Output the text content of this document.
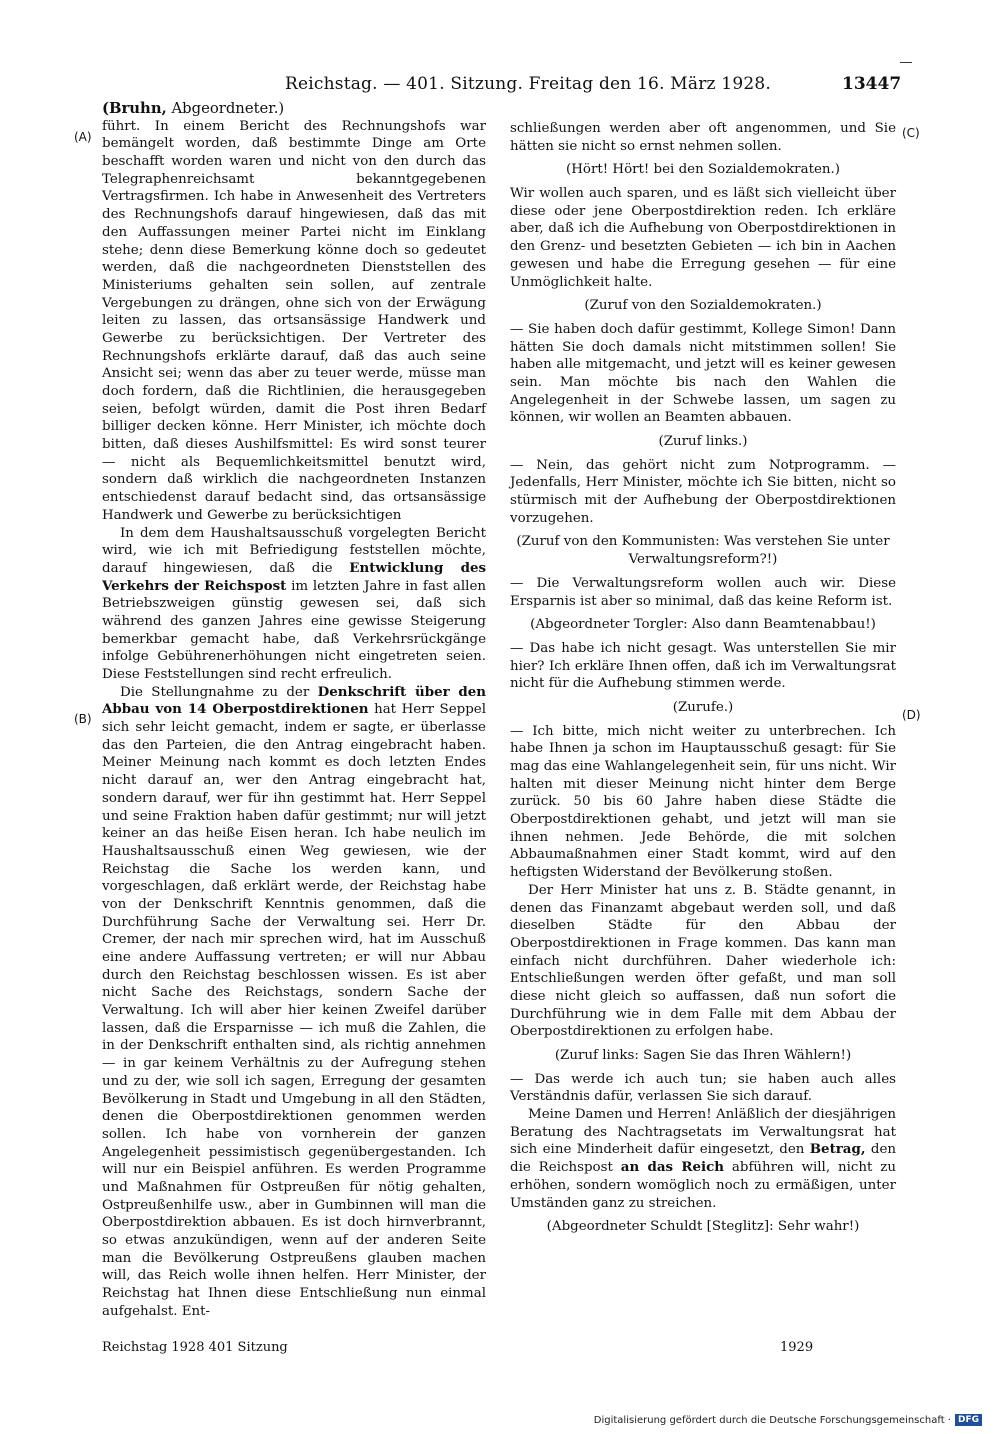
Reichstag. — 401. Sitzung. Freitag den 16. März 1928.	13447
(A)
(B)
(C)
(D)

(Bruhn, Abgeordneter.)

führt. In einem Bericht des Rechnungshofs war bemängelt worden, daß bestimmte Dinge am Orte beschafft worden waren und nicht von den durch das Telegraphenreichsamt bekanntgegebenen Vertragsfirmen. Ich habe in Anwesenheit des Vertreters des Rechnungshofs darauf hingewiesen, daß das mit den Auffassungen meiner Partei nicht im Einklang stehe; denn diese Bemerkung könne doch so gedeutet werden, daß die nachgeordneten Dienststellen des Ministeriums gehalten sein sollen, auf zentrale Vergebungen zu drängen, ohne sich von der Erwägung leiten zu lassen, das ortsansässige Handwerk und Gewerbe zu berücksichtigen. Der Vertreter des Rechnungshofs erklärte darauf, daß das auch seine Ansicht sei; wenn das aber zu teuer werde, müsse man doch fordern, daß die Richtlinien, die herausgegeben seien, befolgt würden, damit die Post ihren Bedarf billiger decken könne. Herr Minister, ich möchte doch bitten, daß dieses Aushilfsmittel: Es wird sonst teurer — nicht als Bequemlichkeitsmittel benutzt wird, sondern daß wirklich die nachgeordneten Instanzen entschiedenst darauf bedacht sind, das ortsansässige Handwerk und Gewerbe zu berücksichtigen

In dem dem Haushaltsausschuß vorgelegten Bericht wird, wie ich mit Befriedigung feststellen möchte, darauf hingewiesen, daß die Entwicklung des Verkehrs der Reichspost im letzten Jahre in fast allen Betriebszweigen günstig gewesen sei, daß sich während des ganzen Jahres eine gewisse Steigerung bemerkbar gemacht habe, daß Verkehrsrückgänge infolge Gebührenerhöhungen nicht eingetreten seien. Diese Feststellungen sind recht erfreulich.

Die Stellungnahme zu der Denkschrift über den Abbau von 14 Oberpostdirektionen hat Herr Seppel sich sehr leicht gemacht, indem er sagte, er überlasse das den Parteien, die den Antrag eingebracht haben. Meiner Meinung nach kommt es doch letzten Endes nicht darauf an, wer den Antrag eingebracht hat, sondern darauf, wer für ihn gestimmt hat. Herr Seppel und seine Fraktion haben dafür gestimmt; nur will jetzt keiner an das heiße Eisen heran. Ich habe neulich im Haushaltsausschuß einen Weg gewiesen, wie der Reichstag die Sache los werden kann, und vorgeschlagen, daß erklärt werde, der Reichstag habe von der Denkschrift Kenntnis genommen, daß die Durchführung Sache der Verwaltung sei. Herr Dr. Cremer, der nach mir sprechen wird, hat im Ausschuß eine andere Auffassung vertreten; er will nur Abbau durch den Reichstag beschlossen wissen. Es ist aber nicht Sache des Reichstags, sondern Sache der Verwaltung. Ich will aber hier keinen Zweifel darüber lassen, daß die Ersparnisse — ich muß die Zahlen, die in der Denkschrift enthalten sind, als richtig annehmen — in gar keinem Verhältnis zu der Aufregung stehen und zu der, wie soll ich sagen, Erregung der gesamten Bevölkerung in Stadt und Umgebung in all den Städten, denen die Oberpostdirektionen genommen werden sollen. Ich habe von vornherein der ganzen Angelegenheit pessimistisch gegenübergestanden. Ich will nur ein Beispiel anführen. Es werden Programme und Maßnahmen für Ostpreußen für nötig gehalten, Ostpreußenhilfe usw., aber in Gumbinnen will man die Oberpostdirektion abbauen. Es ist doch hirnverbrannt, so etwas anzukündigen, wenn auf der anderen Seite man die Bevölkerung Ostpreußens glauben machen will, das Reich wolle ihnen helfen. Herr Minister, der Reichstag hat Ihnen diese Entschließung nun einmal aufgehalst. Ent-

schließungen werden aber oft angenommen, und Sie hätten sie nicht so ernst nehmen sollen.

(Hört! Hört! bei den Sozialdemokraten.)

Wir wollen auch sparen, und es läßt sich vielleicht über diese oder jene Oberpostdirektion reden. Ich erkläre aber, daß ich die Aufhebung von Oberpostdirektionen in den Grenz- und besetzten Gebieten — ich bin in Aachen gewesen und habe die Erregung gesehen — für eine Unmöglichkeit halte.

(Zuruf von den Sozialdemokraten.)

— Sie haben doch dafür gestimmt, Kollege Simon! Dann hätten Sie doch damals nicht mitstimmen sollen! Sie haben alle mitgemacht, und jetzt will es keiner gewesen sein. Man möchte bis nach den Wahlen die Angelegenheit in der Schwebe lassen, um sagen zu können, wir wollen an Beamten abbauen.

(Zuruf links.)

— Nein, das gehört nicht zum Notprogramm. — Jedenfalls, Herr Minister, möchte ich Sie bitten, nicht so stürmisch mit der Aufhebung der Oberpostdirektionen vorzugehen.

(Zuruf von den Kommunisten: Was verstehen Sie unter Verwaltungsreform?!)

— Die Verwaltungsreform wollen auch wir. Diese Ersparnis ist aber so minimal, daß das keine Reform ist.

(Abgeordneter Torgler: Also dann Beamtenabbau!)

— Das habe ich nicht gesagt. Was unterstellen Sie mir hier? Ich erkläre Ihnen offen, daß ich im Verwaltungsrat nicht für die Aufhebung stimmen werde.

(Zurufe.)

— Ich bitte, mich nicht weiter zu unterbrechen. Ich habe Ihnen ja schon im Hauptausschuß gesagt: für Sie mag das eine Wahlangelegenheit sein, für uns nicht. Wir halten mit dieser Meinung nicht hinter dem Berge zurück. 50 bis 60 Jahre haben diese Städte die Oberpostdirektionen gehabt, und jetzt will man sie ihnen nehmen. Jede Behörde, die mit solchen Abbaumaßnahmen einer Stadt kommt, wird auf den heftigsten Widerstand der Bevölkerung stoßen.

Der Herr Minister hat uns z. B. Städte genannt, in denen das Finanzamt abgebaut werden soll, und daß dieselben Städte für den Abbau der Oberpostdirektionen in Frage kommen. Das kann man einfach nicht durchführen. Daher wiederhole ich: Entschließungen werden öfter gefaßt, und man soll diese nicht gleich so auffassen, daß nun sofort die Durchführung wie in dem Falle mit dem Abbau der Oberpostdirektionen zu erfolgen habe.

(Zuruf links: Sagen Sie das Ihren Wählern!)

— Das werde ich auch tun; sie haben auch alles Verständnis dafür, verlassen Sie sich darauf.

Meine Damen und Herren! Anläßlich der diesjährigen Beratung des Nachtragsetats im Verwaltungsrat hat sich eine Minderheit dafür eingesetzt, den Betrag, den die Reichspost an das Reich abführen will, nicht zu erhöhen, sondern womöglich noch zu ermäßigen, unter Umständen ganz zu streichen.

(Abgeordneter Schuldt [Steglitz]: Sehr wahr!)

Reichstag 1928 401 Sitzung	1929
Digitalisierung gefördert durch die Deutsche Forschungsgemeinschaft · DFG
